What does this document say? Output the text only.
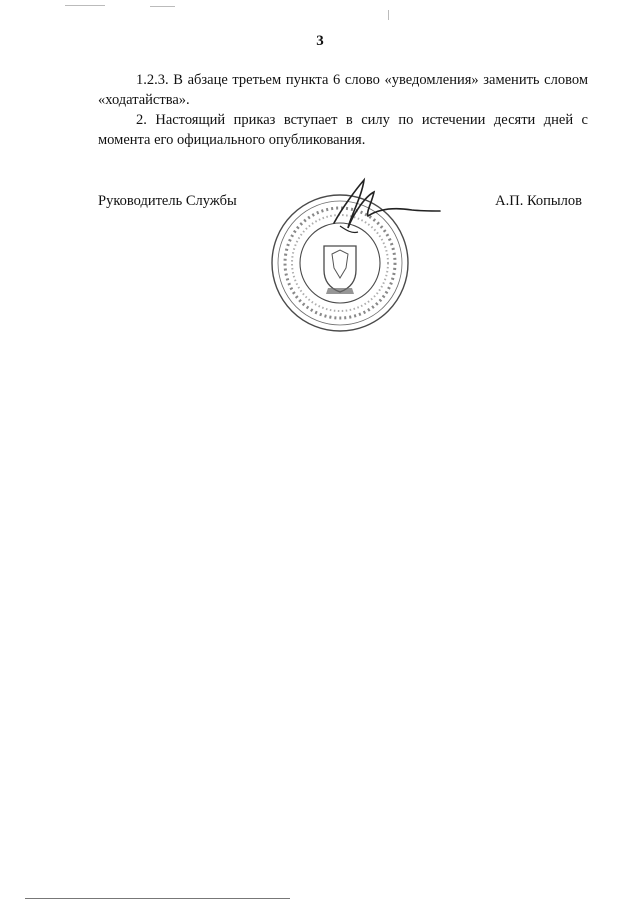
3

1.2.3. В абзаце третьем пункта 6 слово «уведомления» заменить словом «ходатайства».

2. Настоящий приказ вступает в силу по истечении десяти дней с момента его официального опубликования.

Руководитель Службы	А.П. Копылов
